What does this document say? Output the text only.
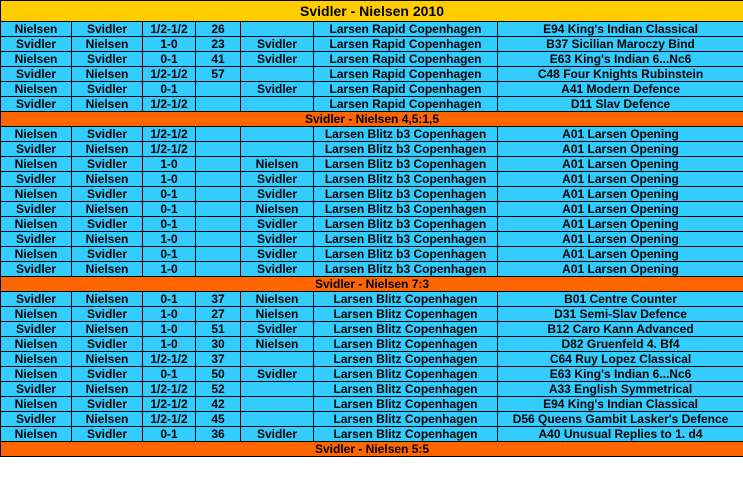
Svidler - Nielsen 2010						
Nielsen	Svidler	1/2-1/2	26		Larsen Rapid Copenhagen	E94 King's Indian Classical
Svidler	Nielsen	1-0	23	Svidler	Larsen Rapid Copenhagen	B37 Sicilian Maroczy Bind
Nielsen	Svidler	0-1	41	Svidler	Larsen Rapid Copenhagen	E63 King's Indian 6...Nc6
Svidler	Nielsen	1/2-1/2	57		Larsen Rapid Copenhagen	C48 Four Knights Rubinstein
Nielsen	Svidler	0-1		Svidler	Larsen Rapid Copenhagen	A41 Modern Defence
Svidler	Nielsen	1/2-1/2			Larsen Rapid Copenhagen	D11 Slav Defence
Svidler - Nielsen 4,5:1,5						
Nielsen	Svidler	1/2-1/2			Larsen Blitz b3 Copenhagen	A01 Larsen Opening
Svidler	Nielsen	1/2-1/2			Larsen Blitz b3 Copenhagen	A01 Larsen Opening
Nielsen	Svidler	1-0		Nielsen	Larsen Blitz b3 Copenhagen	A01 Larsen Opening
Svidler	Nielsen	1-0		Svidler	Larsen Blitz b3 Copenhagen	A01 Larsen Opening
Nielsen	Svidler	0-1		Svidler	Larsen Blitz b3 Copenhagen	A01 Larsen Opening
Svidler	Nielsen	0-1		Nielsen	Larsen Blitz b3 Copenhagen	A01 Larsen Opening
Nielsen	Svidler	0-1		Svidler	Larsen Blitz b3 Copenhagen	A01 Larsen Opening
Svidler	Nielsen	1-0		Svidler	Larsen Blitz b3 Copenhagen	A01 Larsen Opening
Nielsen	Svidler	0-1		Svidler	Larsen Blitz b3 Copenhagen	A01 Larsen Opening
Svidler	Nielsen	1-0		Svidler	Larsen Blitz b3 Copenhagen	A01 Larsen Opening
Svidler - Nielsen 7:3						
Svidler	Nielsen	0-1	37	Nielsen	Larsen Blitz Copenhagen	B01 Centre Counter
Nielsen	Svidler	1-0	27	Nielsen	Larsen Blitz Copenhagen	D31 Semi-Slav Defence
Svidler	Nielsen	1-0	51	Svidler	Larsen Blitz Copenhagen	B12 Caro Kann Advanced
Nielsen	Svidler	1-0	30	Nielsen	Larsen Blitz Copenhagen	D82 Gruenfeld 4. Bf4
Nielsen	Nielsen	1/2-1/2	37		Larsen Blitz Copenhagen	C64 Ruy Lopez Classical
Nielsen	Svidler	0-1	50	Svidler	Larsen Blitz Copenhagen	E63 King's Indian 6...Nc6
Svidler	Nielsen	1/2-1/2	52		Larsen Blitz Copenhagen	A33 English Symmetrical
Nielsen	Svidler	1/2-1/2	42		Larsen Blitz Copenhagen	E94 King's Indian Classical
Svidler	Nielsen	1/2-1/2	45		Larsen Blitz Copenhagen	D56 Queens Gambit Lasker's Defence
Nielsen	Svidler	0-1	36	Svidler	Larsen Blitz Copenhagen	A40 Unusual Replies to 1. d4
Svidler - Nielsen 5:5						
